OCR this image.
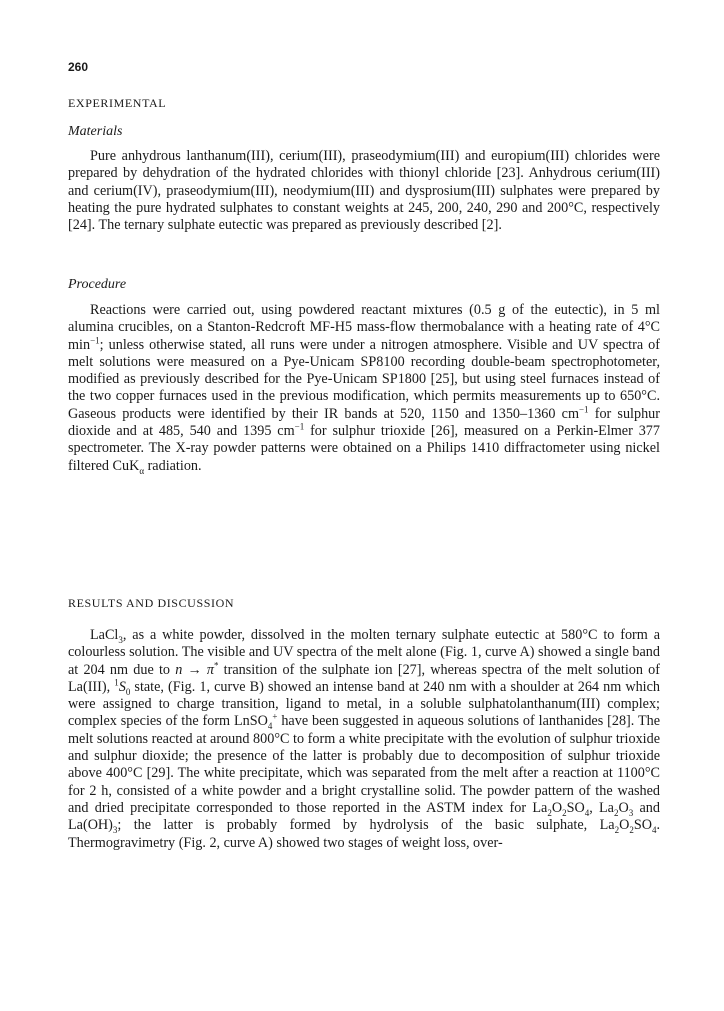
260
EXPERIMENTAL
Materials

Pure anhydrous lanthanum(III), cerium(III), praseodymium(III) and europium(III) chlorides were prepared by dehydration of the hydrated chlorides with thionyl chloride [23]. Anhydrous cerium(III) and cerium(IV), praseodymium(III), neodymium(III) and dysprosium(III) sulphates were prepared by heating the pure hydrated sulphates to constant weights at 245, 200, 240, 290 and 200°C, respectively [24]. The ternary sulphate eutectic was prepared as previously described [2].

Procedure

Reactions were carried out, using powdered reactant mixtures (0.5 g of the eutectic), in 5 ml alumina crucibles, on a Stanton-Redcroft MF-H5 mass-flow thermobalance with a heating rate of 4°C $\min^{-1}$; unless otherwise stated, all runs were under a nitrogen atmosphere. Visible and UV spectra of melt solutions were measured on a Pye-Unicam SP8100 recording double-beam spectrophotometer, modified as previously described for the Pye-Unicam SP1800 [25], but using steel furnaces instead of the two copper furnaces used in the previous modification, which permits measurements up to 650°C. Gaseous products were identified by their IR bands at 520, 1150 and 1350–1360 $cm^{-1}$ for sulphur dioxide and at 485, 540 and 1395 $cm^{-1}$ for sulphur trioxide [26], measured on a Perkin-Elmer 377 spectrometer. The X-ray powder patterns were obtained on a Philips 1410 diffractometer using nickel filtered CuK$_\alpha$ radiation.

RESULTS AND DISCUSSION

LaCl$_3$, as a white powder, dissolved in the molten ternary sulphate eutectic at 580°C to form a colourless solution. The visible and UV spectra of the melt alone (Fig. 1, curve A) showed a single band at 204 nm due to n → π* transition of the sulphate ion [27], whereas spectra of the melt solution of La(III), $^1S_0$ state, (Fig. 1, curve B) showed an intense band at 240 nm with a shoulder at 264 nm which were assigned to charge transition, ligand to metal, in a soluble sulphatolanthanum(III) complex; complex species of the form LnSO$_4$+ have been suggested in aqueous solutions of lanthanides [28]. The melt solutions reacted at around 800°C to form a white precipitate with the evolution of sulphur trioxide and sulphur dioxide; the presence of the latter is probably due to decomposition of sulphur trioxide above 400°C [29]. The white precipitate, which was separated from the melt after a reaction at 1100°C for 2 h, consisted of a white powder and a bright crystalline solid. The powder pattern of the washed and dried precipitate corresponded to those reported in the ASTM index for $La_2O_2SO_4$, $La_2O_3$ and $La(OH)_3$; the latter is probably formed by hydrolysis of the basic sulphate, $La_2O_2SO_4$. Thermogravimetry (Fig. 2, curve A) showed two stages of weight loss, over-
